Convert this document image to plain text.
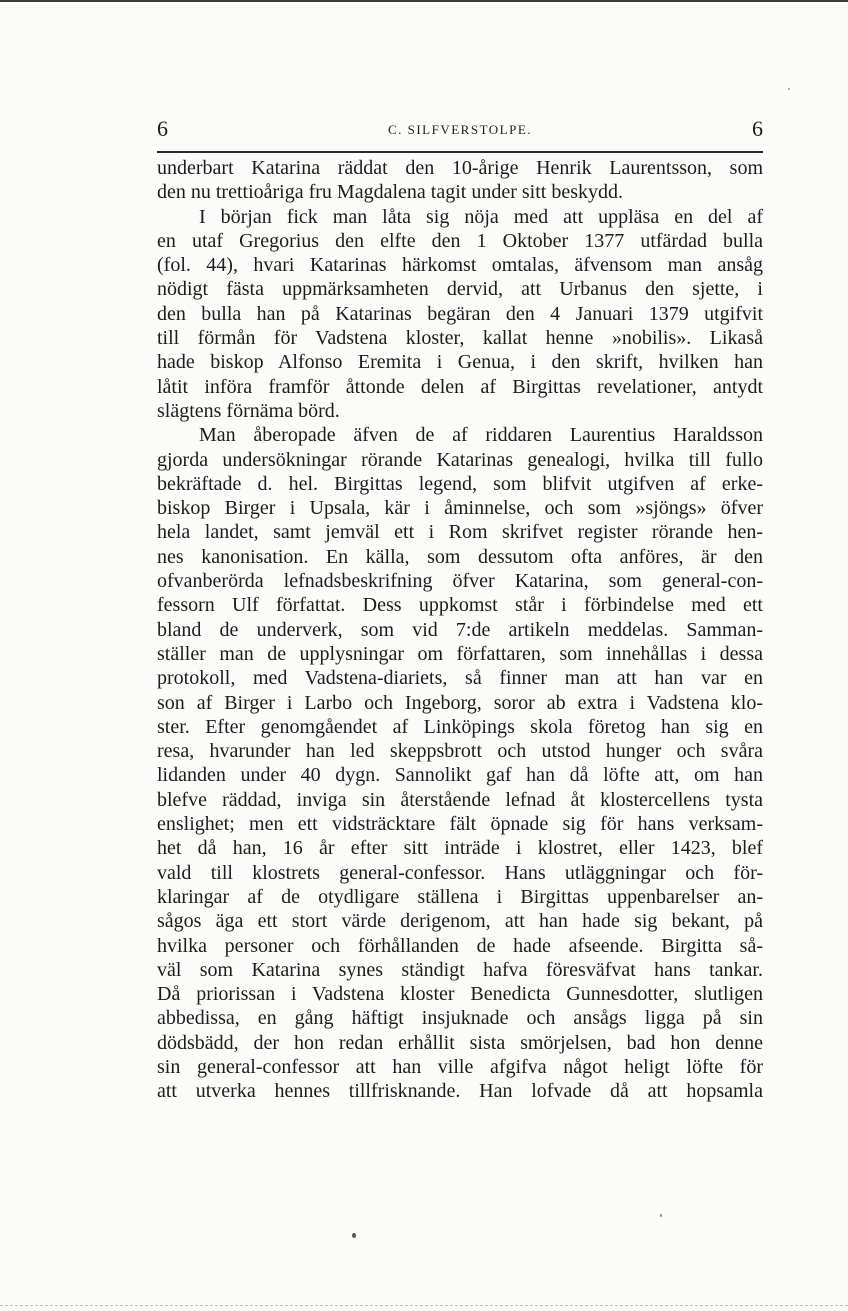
6	C. SILFVERSTOLPE.	6
underbart Katarina räddat den 10-årige Henrik Laurentsson, som
den nu trettioåriga fru Magdalena tagit under sitt beskydd.
I början fick man låta sig nöja med att uppläsa en del af
en utaf Gregorius den elfte den 1 Oktober 1377 utfärdad bulla
(fol. 44), hvari Katarinas härkomst omtalas, äfvensom man ansåg
nödigt fästa uppmärksamheten dervid, att Urbanus den sjette, i
den bulla han på Katarinas begäran den 4 Januari 1379 utgifvit
till förmån för Vadstena kloster, kallat henne »nobilis». Likaså
hade biskop Alfonso Eremita i Genua, i den skrift, hvilken han
låtit införa framför åttonde delen af Birgittas revelationer, antydt
slägtens förnäma börd.
Man åberopade äfven de af riddaren Laurentius Haraldsson
gjorda undersökningar rörande Katarinas genealogi, hvilka till fullo
bekräftade d. hel. Birgittas legend, som blifvit utgifven af erke-
biskop Birger i Upsala, kär i åminnelse, och som »sjöngs» öfver
hela landet, samt jemväl ett i Rom skrifvet register rörande hen-
nes kanonisation. En källa, som dessutom ofta anföres, är den
ofvanberörda lefnadsbeskrifning öfver Katarina, som general-con-
fessorn Ulf författat. Dess uppkomst står i förbindelse med ett
bland de underverk, som vid 7:de artikeln meddelas. Samman-
ställer man de upplysningar om författaren, som innehållas i dessa
protokoll, med Vadstena-diariets, så finner man att han var en
son af Birger i Larbo och Ingeborg, soror ab extra i Vadstena klo-
ster. Efter genomgåendet af Linköpings skola företog han sig en
resa, hvarunder han led skeppsbrott och utstod hunger och svåra
lidanden under 40 dygn. Sannolikt gaf han då löfte att, om han
blefve räddad, inviga sin återstående lefnad åt klostercellens tysta
enslighet; men ett vidsträcktare fält öpnade sig för hans verksam-
het då han, 16 år efter sitt inträde i klostret, eller 1423, blef
vald till klostrets general-confessor. Hans utläggningar och för-
klaringar af de otydligare ställena i Birgittas uppenbarelser an-
sågos äga ett stort värde derigenom, att han hade sig bekant, på
hvilka personer och förhållanden de hade afseende. Birgitta så-
väl som Katarina synes ständigt hafva föresväfvat hans tankar.
Då priorissan i Vadstena kloster Benedicta Gunnesdotter, slutligen
abbedissa, en gång häftigt insjuknade och ansågs ligga på sin
dödsbädd, der hon redan erhållit sista smörjelsen, bad hon denne
sin general-confessor att han ville afgifva något heligt löfte för
att utverka hennes tillfrisknande. Han lofvade då att hopsamla
